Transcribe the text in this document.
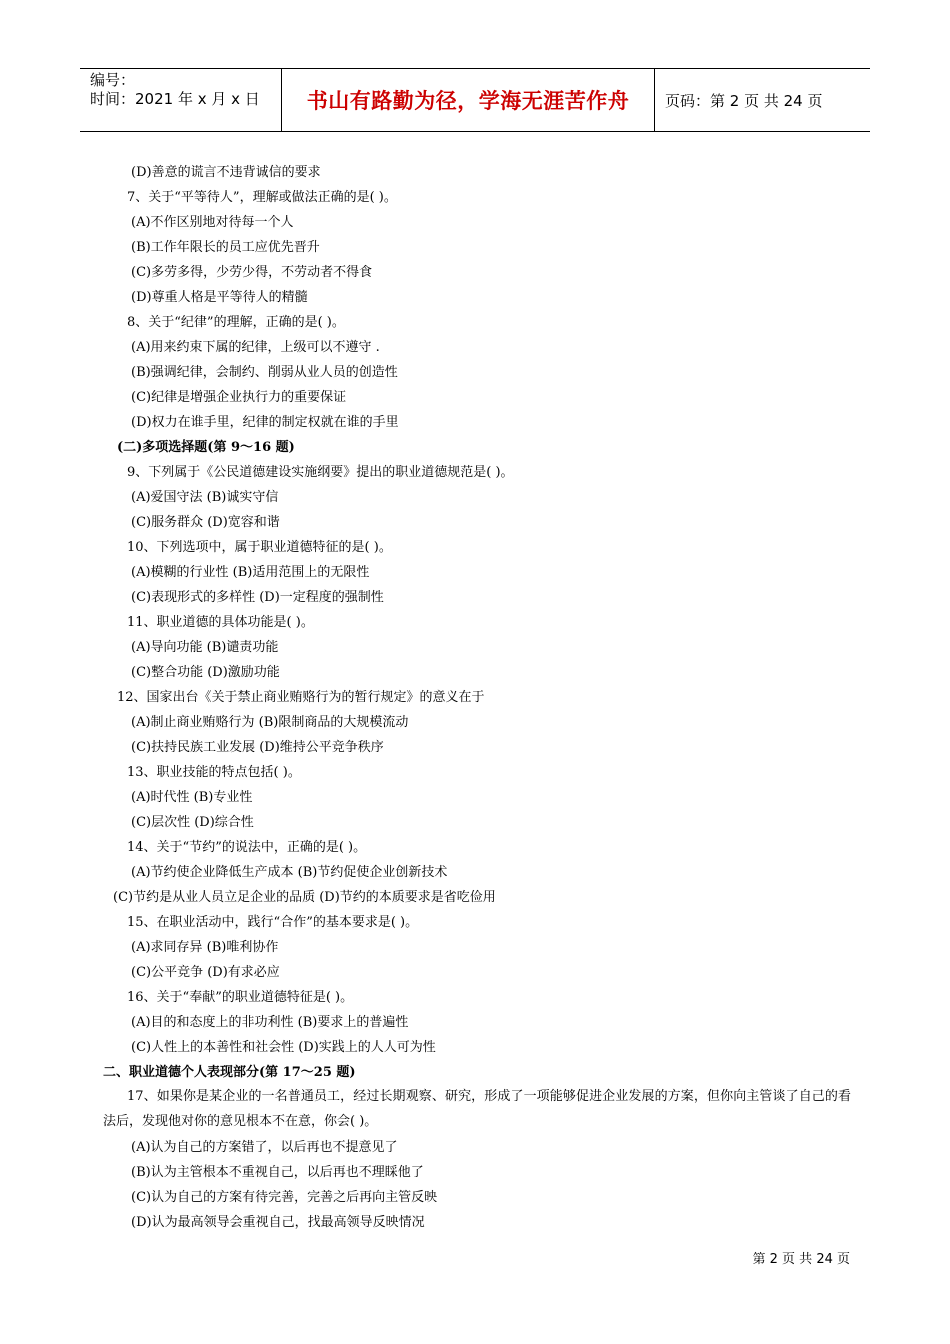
编号：
时间：2021 年 x 月 x 日	书山有路勤为径，学海无涯苦作舟	页码：第 2 页 共 24 页
(D)善意的谎言不违背诚信的要求
7、关于“平等待人”，理解或做法正确的是( )。
(A)不作区别地对待每一个人
(B)工作年限长的员工应优先晋升
(C)多劳多得，少劳少得，不劳动者不得食
(D)尊重人格是平等待人的精髓
8、关于“纪律”的理解，正确的是( )。
(A)用来约束下属的纪律，上级可以不遵守 .
(B)强调纪律，会制约、削弱从业人员的创造性
(C)纪律是增强企业执行力的重要保证
(D)权力在谁手里，纪律的制定权就在谁的手里
(二)多项选择题(第 9～16 题)
9、下列属于《公民道德建设实施纲要》提出的职业道德规范是( )。
(A)爱国守法 (B)诚实守信
(C)服务群众 (D)宽容和谐
10、下列选项中，属于职业道德特征的是( )。
(A)模糊的行业性 (B)适用范围上的无限性
(C)表现形式的多样性 (D)一定程度的强制性
11、职业道德的具体功能是( )。
(A)导向功能 (B)谴责功能
(C)整合功能 (D)激励功能
12、国家出台《关于禁止商业贿赂行为的暂行规定》的意义在于
(A)制止商业贿赂行为 (B)限制商品的大规模流动
(C)扶持民族工业发展 (D)维持公平竞争秩序
13、职业技能的特点包括( )。
(A)时代性 (B)专业性
(C)层次性 (D)综合性
14、关于“节约”的说法中，正确的是( )。
(A)节约使企业降低生产成本 (B)节约促使企业创新技术
(C)节约是从业人员立足企业的品质 (D)节约的本质要求是省吃俭用
15、在职业活动中，践行“合作”的基本要求是( )。
(A)求同存异 (B)唯利协作
(C)公平竞争 (D)有求必应
16、关于“奉献”的职业道德特征是( )。
(A)目的和态度上的非功利性 (B)要求上的普遍性
(C)人性上的本善性和社会性 (D)实践上的人人可为性
二、职业道德个人表现部分(第 17～25 题)
17、如果你是某企业的一名普通员工，经过长期观察、研究，形成了一项能够促进企业发展的方案，但你向主管谈了自己的看法后，发现他对你的意见根本不在意，你会( )。
(A)认为自己的方案错了，以后再也不提意见了
(B)认为主管根本不重视自己，以后再也不理睬他了
(C)认为自己的方案有待完善，完善之后再向主管反映
(D)认为最高领导会重视自己，找最高领导反映情况
第 2 页 共 24 页
